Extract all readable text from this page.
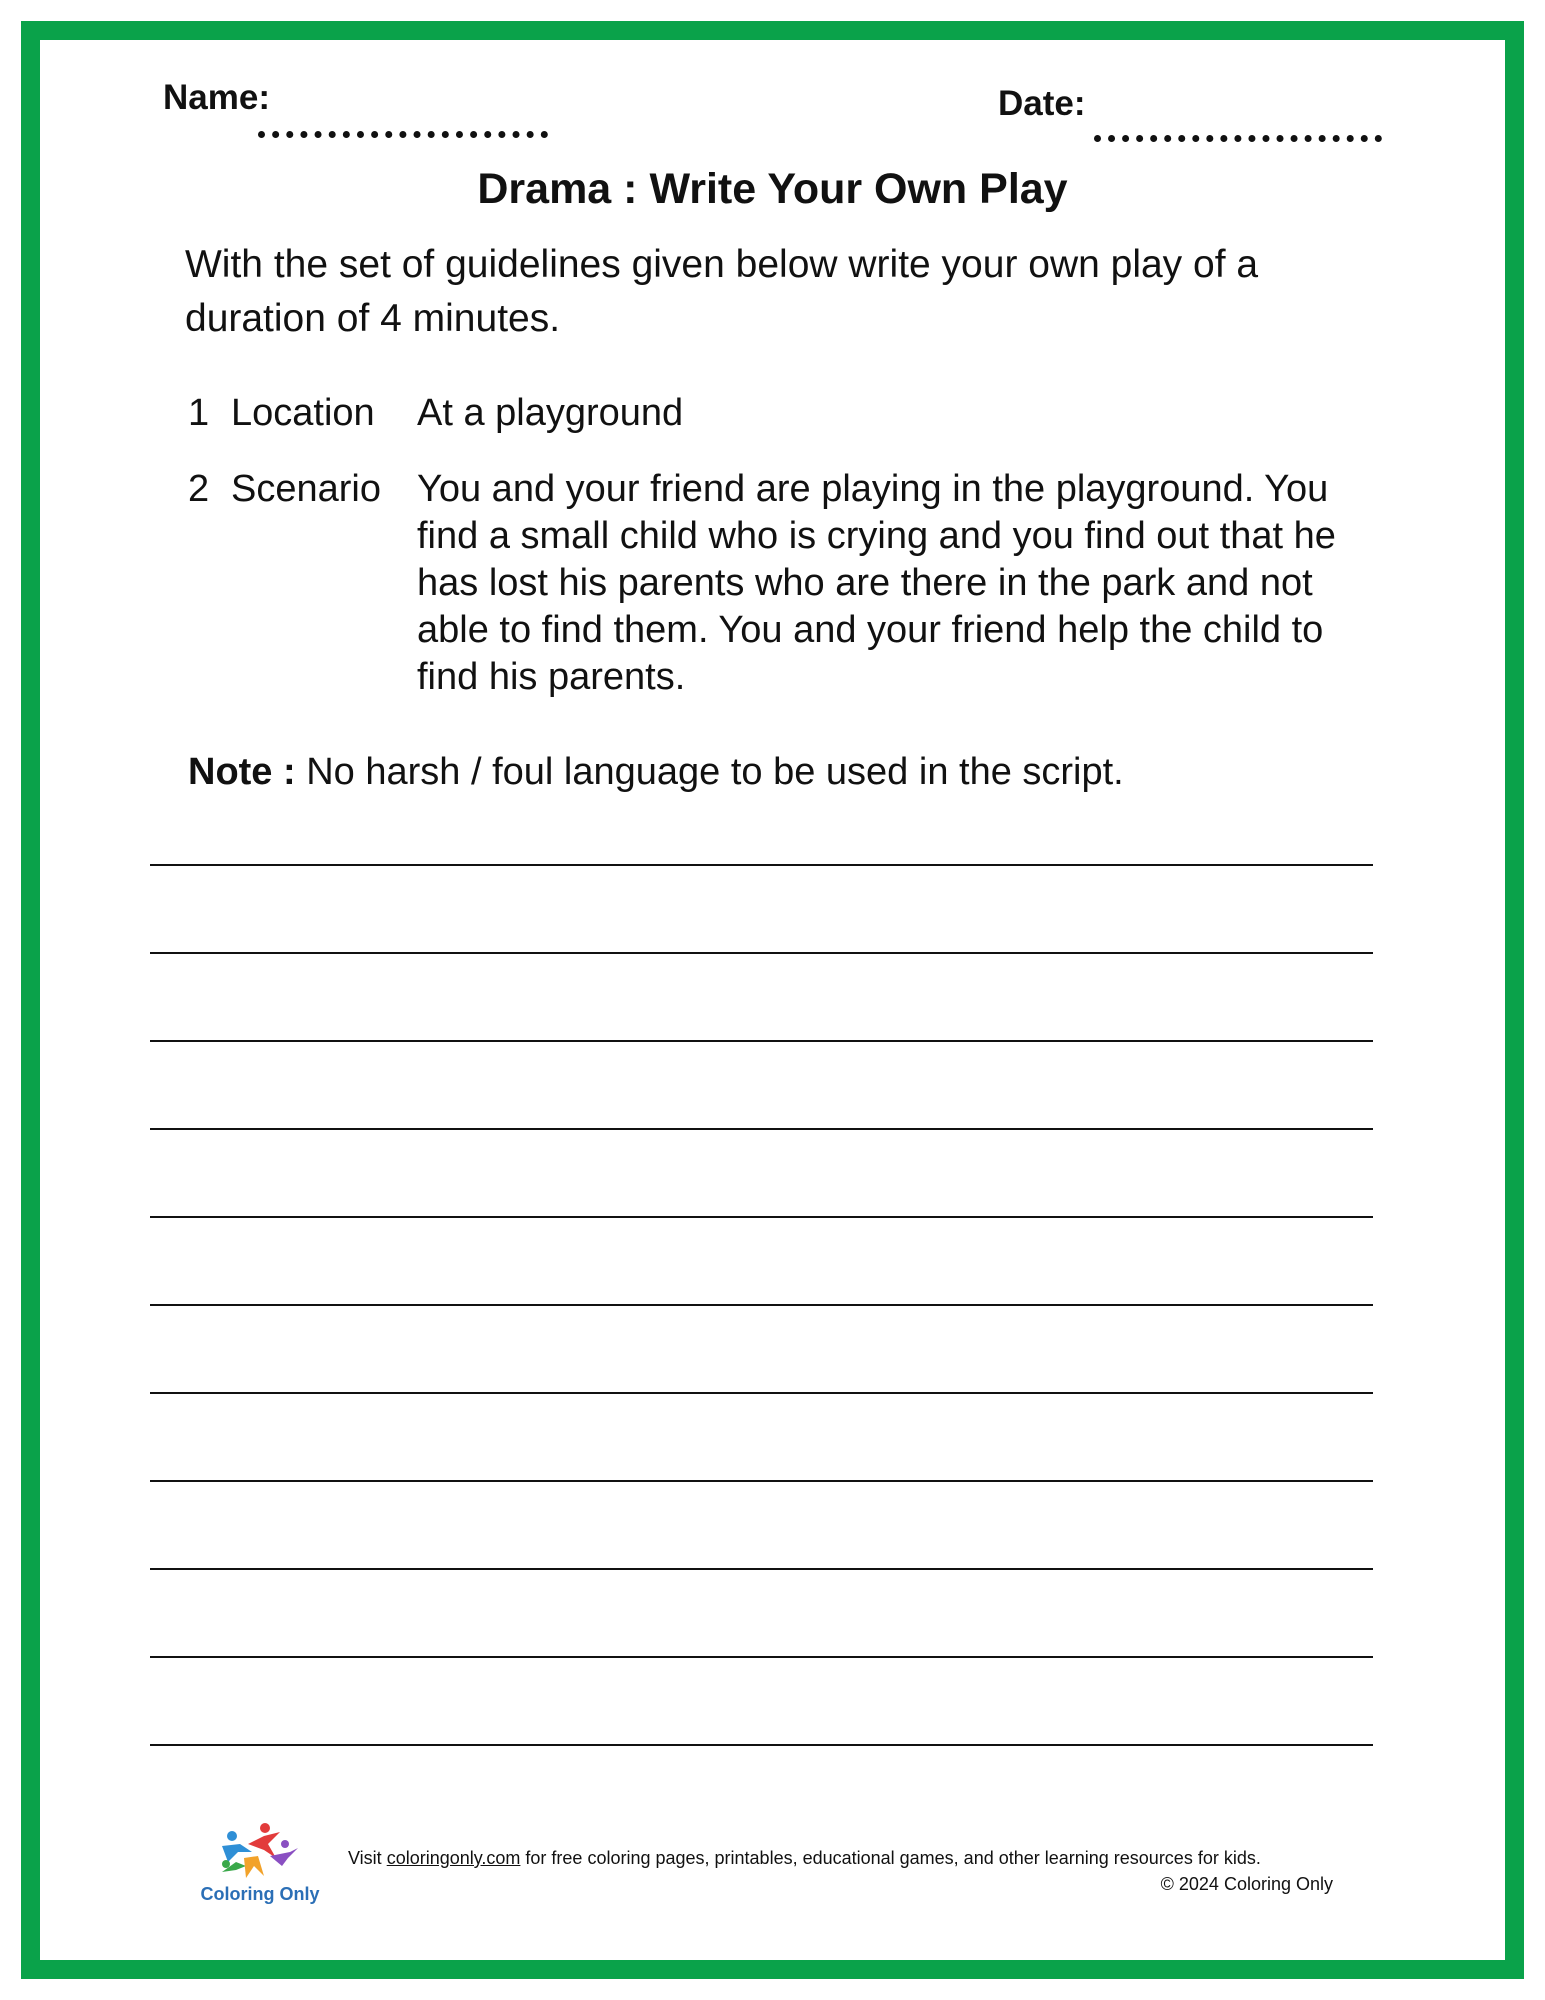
Name:	Date:
Drama : Write Your Own Play
With the set of guidelines given below write your own play of a duration of 4 minutes.
1 Location At a playground
2 Scenario You and your friend are playing in the playground. You find a small child who is crying and you find out that he has lost his parents who are there in the park and not able to find them. You and your friend help the child to find his parents.
Note : No harsh / foul language to be used in the script.
Coloring Only
Visit coloringonly.com for free coloring pages, printables, educational games, and other learning resources for kids.
© 2024 Coloring Only
